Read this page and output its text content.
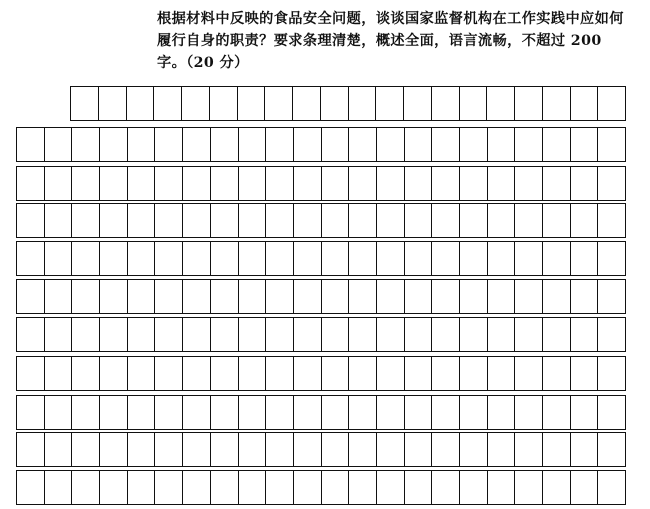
根据材料中反映的食品安全问题，谈谈国家监督机构在工作实践中应如何履行自身的职责？要求条理清楚，概述全面，语言流畅，不超过 200 字。（20 分）
